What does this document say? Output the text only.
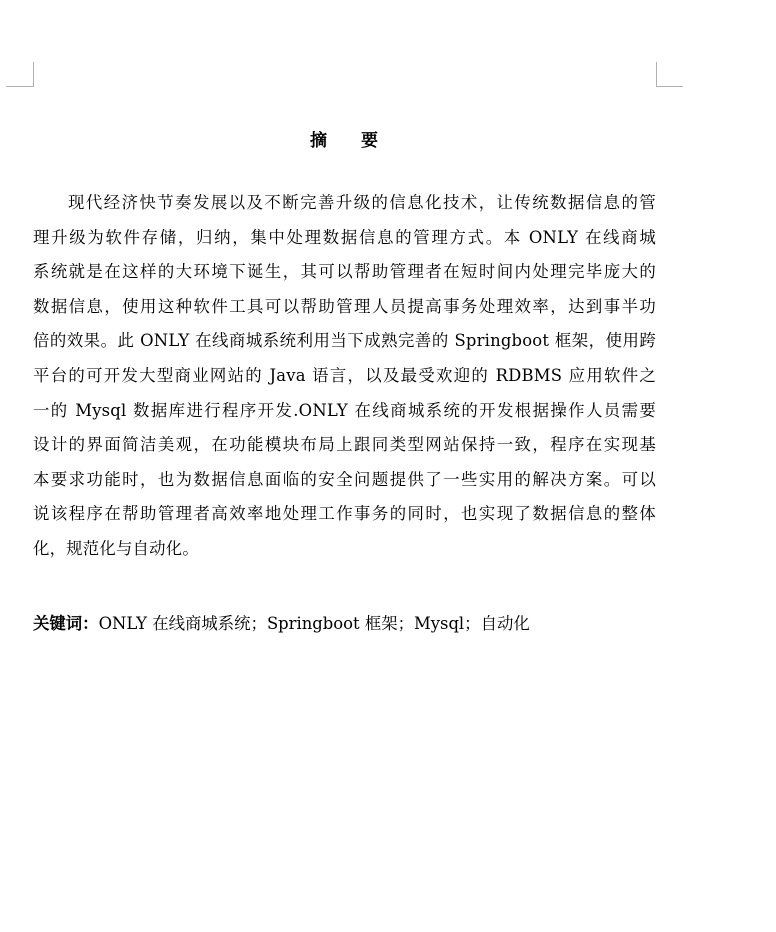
摘 要
现代经济快节奏发展以及不断完善升级的信息化技术，让传统数据信息的管
理升级为软件存储，归纳，集中处理数据信息的管理方式。本 ONLY 在线商城
系统就是在这样的大环境下诞生，其可以帮助管理者在短时间内处理完毕庞大的
数据信息，使用这种软件工具可以帮助管理人员提高事务处理效率，达到事半功
倍的效果。此 ONLY 在线商城系统利用当下成熟完善的 Springboot 框架，使用跨
平台的可开发大型商业网站的 Java 语言，以及最受欢迎的 RDBMS 应用软件之
一的 Mysql 数据库进行程序开发.ONLY 在线商城系统的开发根据操作人员需要
设计的界面简洁美观，在功能模块布局上跟同类型网站保持一致，程序在实现基
本要求功能时，也为数据信息面临的安全问题提供了一些实用的解决方案。可以
说该程序在帮助管理者高效率地处理工作事务的同时，也实现了数据信息的整体
化，规范化与自动化。
关键词：ONLY 在线商城系统；Springboot 框架；Mysql；自动化
